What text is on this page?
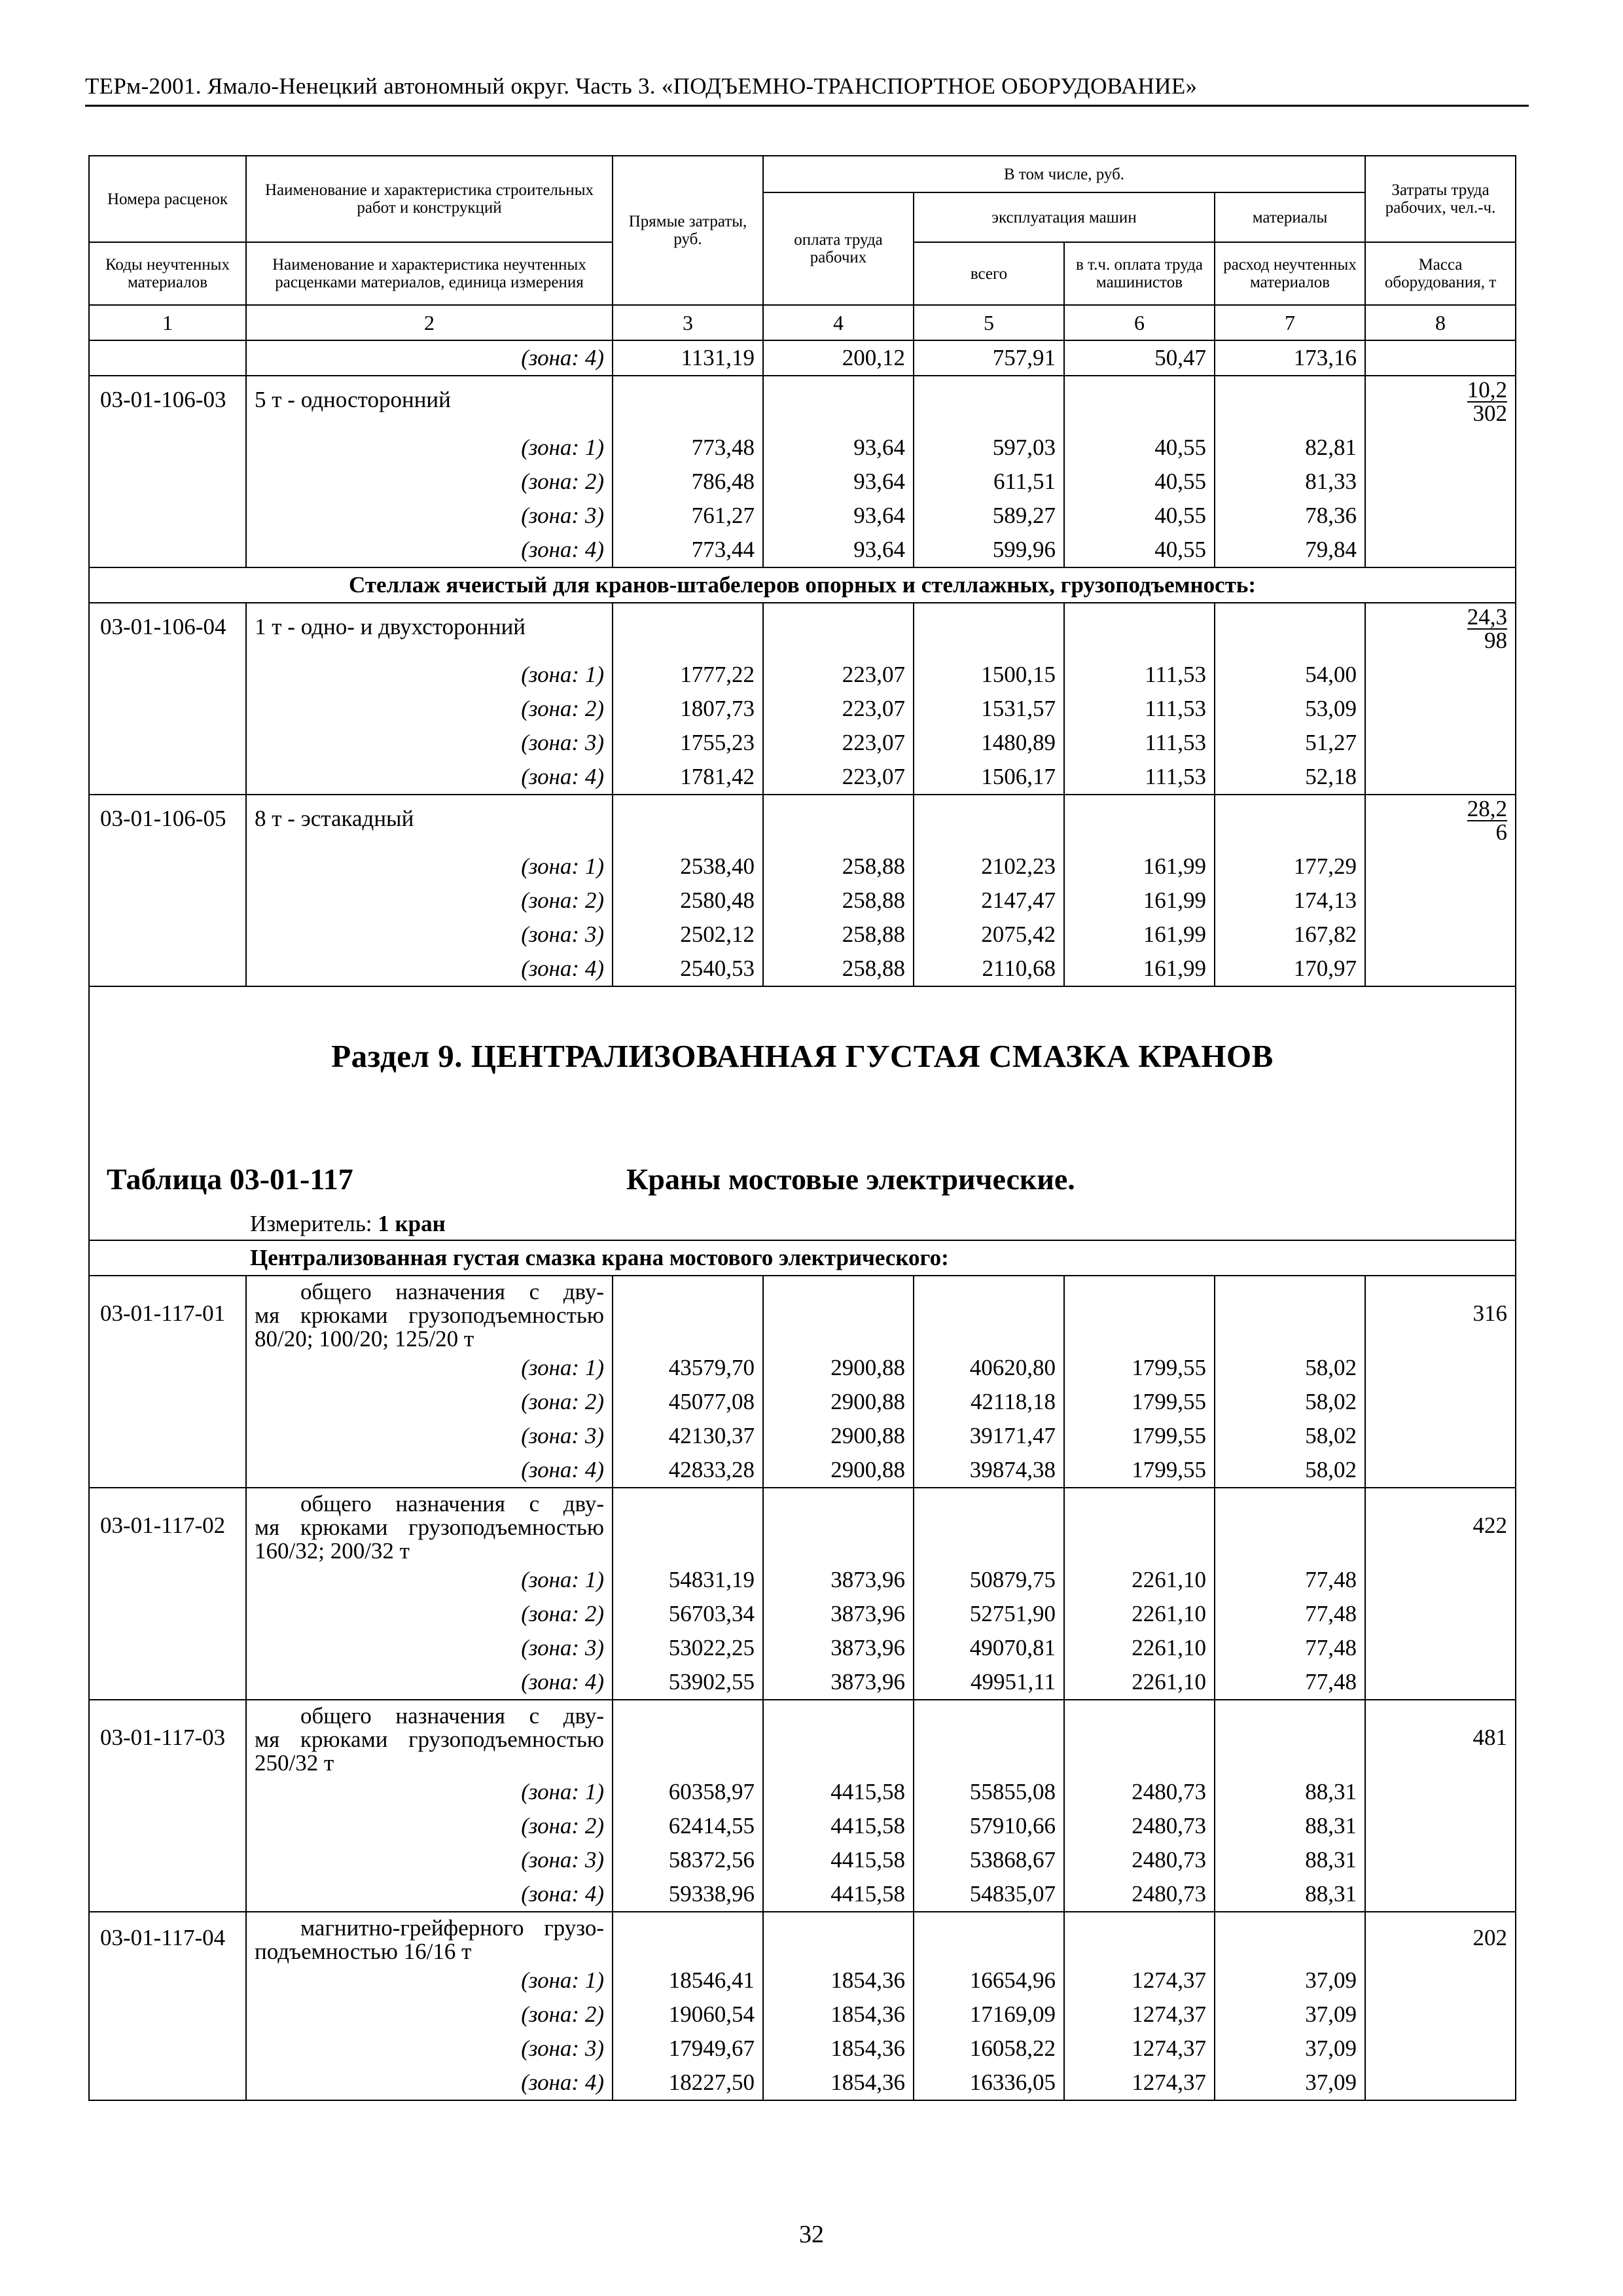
ТЕРм-2001. Ямало-Ненецкий автономный округ. Часть 3. «ПОДЪЕМНО-ТРАНСПОРТНОЕ ОБОРУДОВАНИЕ»
Номера расценок	Наименование и характеристика строительных работ и конструкций	Прямые затраты, руб.	В том числе, руб.				Затраты труда рабочих, чел.-ч.
			оплата труда рабочих	эксплуатация машин		материалы	
Коды неучтенных материалов	Наименование и характеристика неучтенных расценками материалов, единица измерения			всего	в т.ч. оплата труда машинистов	расход неучтенных материалов	Масса оборудования, т
1	2	3	4	5	6	7	8
	(зона: 4)	1131,19	200,12	757,91	50,47	173,16	
03-01-106-03	5 т - односторонний						$\frac{10,2}{302}$

	(зона: 1)	773,48	93,64	597,03	40,55	82,81	
	(зона: 2)	786,48	93,64	611,51	40,55	81,33	
	(зона: 3)	761,27	93,64	589,27	40,55	78,36	
	(зона: 4)	773,44	93,64	599,96	40,55	79,84	
Стеллаж ячеистый для кранов-штабелеров опорных и стеллажных, грузоподъемность:							
03-01-106-04	1 т - одно- и двухсторонний						$\frac{24,3}{98}$

	(зона: 1)	1777,22	223,07	1500,15	111,53	54,00	
	(зона: 2)	1807,73	223,07	1531,57	111,53	53,09	
	(зона: 3)	1755,23	223,07	1480,89	111,53	51,27	
	(зона: 4)	1781,42	223,07	1506,17	111,53	52,18	
03-01-106-05	8 т - эстакадный						$\frac{28,2}{6}$

	(зона: 1)	2538,40	258,88	2102,23	161,99	177,29	
	(зона: 2)	2580,48	258,88	2147,47	161,99	174,13	
	(зона: 3)	2502,12	258,88	2075,42	161,99	167,82	
	(зона: 4)	2540,53	258,88	2110,68	161,99	170,97	

Раздел 9. ЦЕНТРАЛИЗОВАННАЯ ГУСТАЯ СМАЗКА КРАНОВ
Таблица 03-01-117 Краны мостовые электрические.
Измеритель: 1 кран							

Централизованная густая смазка крана мостового электрического:							
03-01-117-01	общего назначения с дву-
мя крюками грузоподъемностью
80/20; 100/20; 125/20 т						316
	(зона: 1)	43579,70	2900,88	40620,80	1799,55	58,02	
	(зона: 2)	45077,08	2900,88	42118,18	1799,55	58,02	
	(зона: 3)	42130,37	2900,88	39171,47	1799,55	58,02	
	(зона: 4)	42833,28	2900,88	39874,38	1799,55	58,02	
03-01-117-02	общего назначения с дву-
мя крюками грузоподъемностью
160/32; 200/32 т						422
	(зона: 1)	54831,19	3873,96	50879,75	2261,10	77,48	
	(зона: 2)	56703,34	3873,96	52751,90	2261,10	77,48	
	(зона: 3)	53022,25	3873,96	49070,81	2261,10	77,48	
	(зона: 4)	53902,55	3873,96	49951,11	2261,10	77,48	
03-01-117-03	общего назначения с дву-
мя крюками грузоподъемностью
250/32 т						481
	(зона: 1)	60358,97	4415,58	55855,08	2480,73	88,31	
	(зона: 2)	62414,55	4415,58	57910,66	2480,73	88,31	
	(зона: 3)	58372,56	4415,58	53868,67	2480,73	88,31	
	(зона: 4)	59338,96	4415,58	54835,07	2480,73	88,31	
03-01-117-04	магнитно-грейферного грузо-
подъемностью 16/16 т						202
	(зона: 1)	18546,41	1854,36	16654,96	1274,37	37,09	
	(зона: 2)	19060,54	1854,36	17169,09	1274,37	37,09	
	(зона: 3)	17949,67	1854,36	16058,22	1274,37	37,09	
	(зона: 4)	18227,50	1854,36	16336,05	1274,37	37,09	
32
